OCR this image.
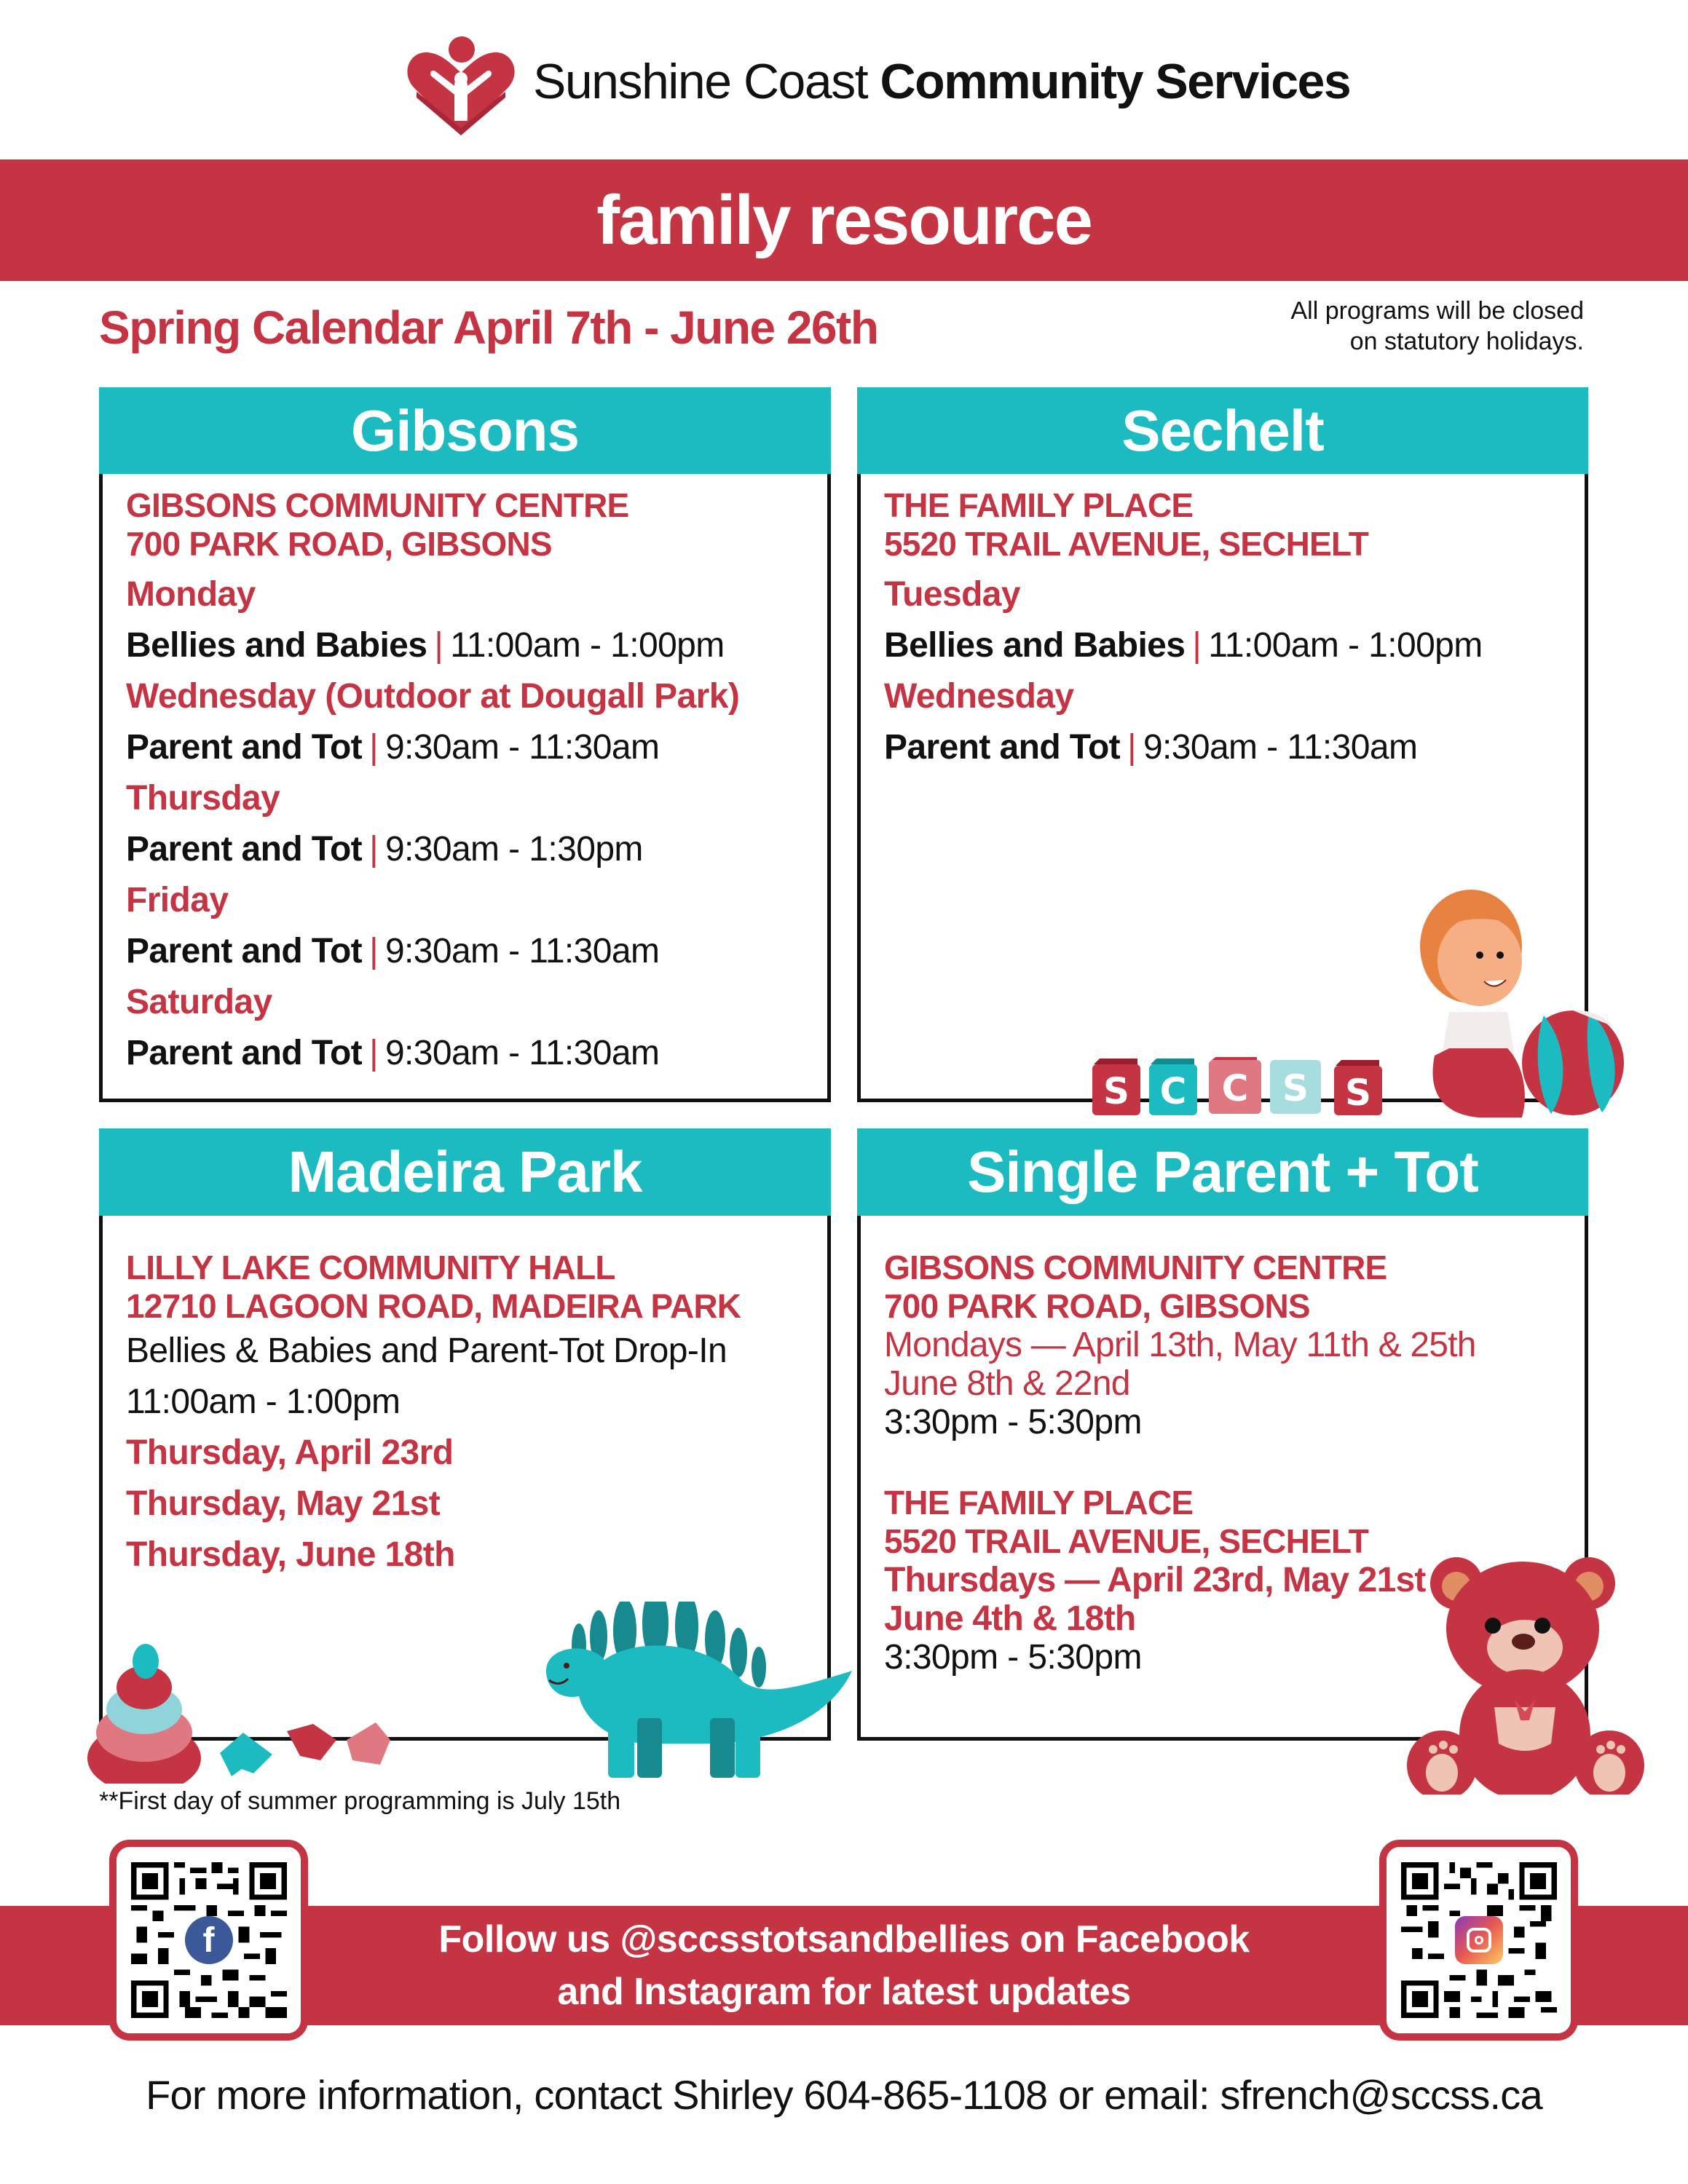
Sunshine Coast Community Services
family resource
Spring Calendar April 7th - June 26th	All programs will be closed
on statutory holidays.
Gibsons
GIBSONS COMMUNITY CENTRE
700 PARK ROAD, GIBSONS
Monday
Bellies and Babies | 11:00am - 1:00pm
Wednesday (Outdoor at Dougall Park)
Parent and Tot | 9:30am - 11:30am
Thursday
Parent and Tot | 9:30am - 1:30pm
Friday
Parent and Tot | 9:30am - 11:30am
Saturday
Parent and Tot | 9:30am - 11:30am
Sechelt
THE FAMILY PLACE
5520 TRAIL AVENUE, SECHELT
Tuesday
Bellies and Babies | 11:00am - 1:00pm
Wednesday
Parent and Tot | 9:30am - 11:30am
S C C S S
Madeira Park
LILLY LAKE COMMUNITY HALL
12710 LAGOON ROAD, MADEIRA PARK
Bellies & Babies and Parent-Tot Drop-In
11:00am - 1:00pm
Thursday, April 23rd
Thursday, May 21st
Thursday, June 18th
Single Parent + Tot
GIBSONS COMMUNITY CENTRE
700 PARK ROAD, GIBSONS
Mondays — April 13th, May 11th & 25th
June 8th & 22nd
3:30pm - 5:30pm
THE FAMILY PLACE
5520 TRAIL AVENUE, SECHELT
Thursdays — April 23rd, May 21st
June 4th & 18th
3:30pm - 5:30pm
**First day of summer programming is July 15th
Follow us @sccsstotsandbellies on Facebook
and Instagram for latest updates
f
For more information, contact Shirley 604-865-1108 or email: sfrench@sccss.ca
